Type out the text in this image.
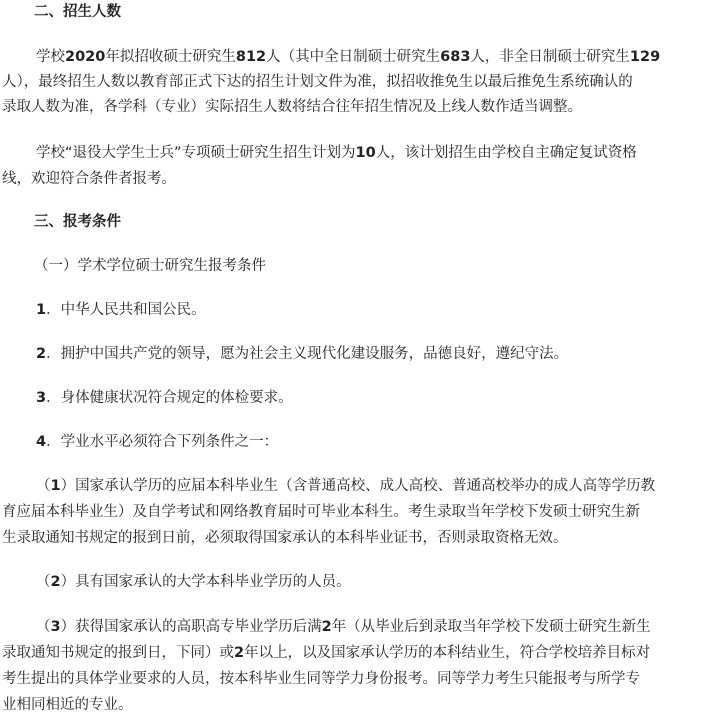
二、招生人数
学校2020年拟招收硕士研究生812人（其中全日制硕士研究生683人，非全日制硕士研究生129
人），最终招生人数以教育部正式下达的招生计划文件为准，拟招收推免生以最后推免生系统确认的
录取人数为准，各学科（专业）实际招生人数将结合往年招生情况及上线人数作适当调整。
学校“退役大学生士兵”专项硕士研究生招生计划为10人，该计划招生由学校自主确定复试资格
线，欢迎符合条件者报考。
三、报考条件
（一）学术学位硕士研究生报考条件
1．中华人民共和国公民。
2．拥护中国共产党的领导，愿为社会主义现代化建设服务，品德良好，遵纪守法。
3．身体健康状况符合规定的体检要求。
4．学业水平必须符合下列条件之一：
（1）国家承认学历的应届本科毕业生（含普通高校、成人高校、普通高校举办的成人高等学历教
育应届本科毕业生）及自学考试和网络教育届时可毕业本科生。考生录取当年学校下发硕士研究生新
生录取通知书规定的报到日前，必须取得国家承认的本科毕业证书，否则录取资格无效。
（2）具有国家承认的大学本科毕业学历的人员。
（3）获得国家承认的高职高专毕业学历后满2年（从毕业后到录取当年学校下发硕士研究生新生
录取通知书规定的报到日，下同）或2年以上，以及国家承认学历的本科结业生，符合学校培养目标对
考生提出的具体学业要求的人员，按本科毕业生同等学力身份报考。同等学力考生只能报考与所学专
业相同相近的专业。
